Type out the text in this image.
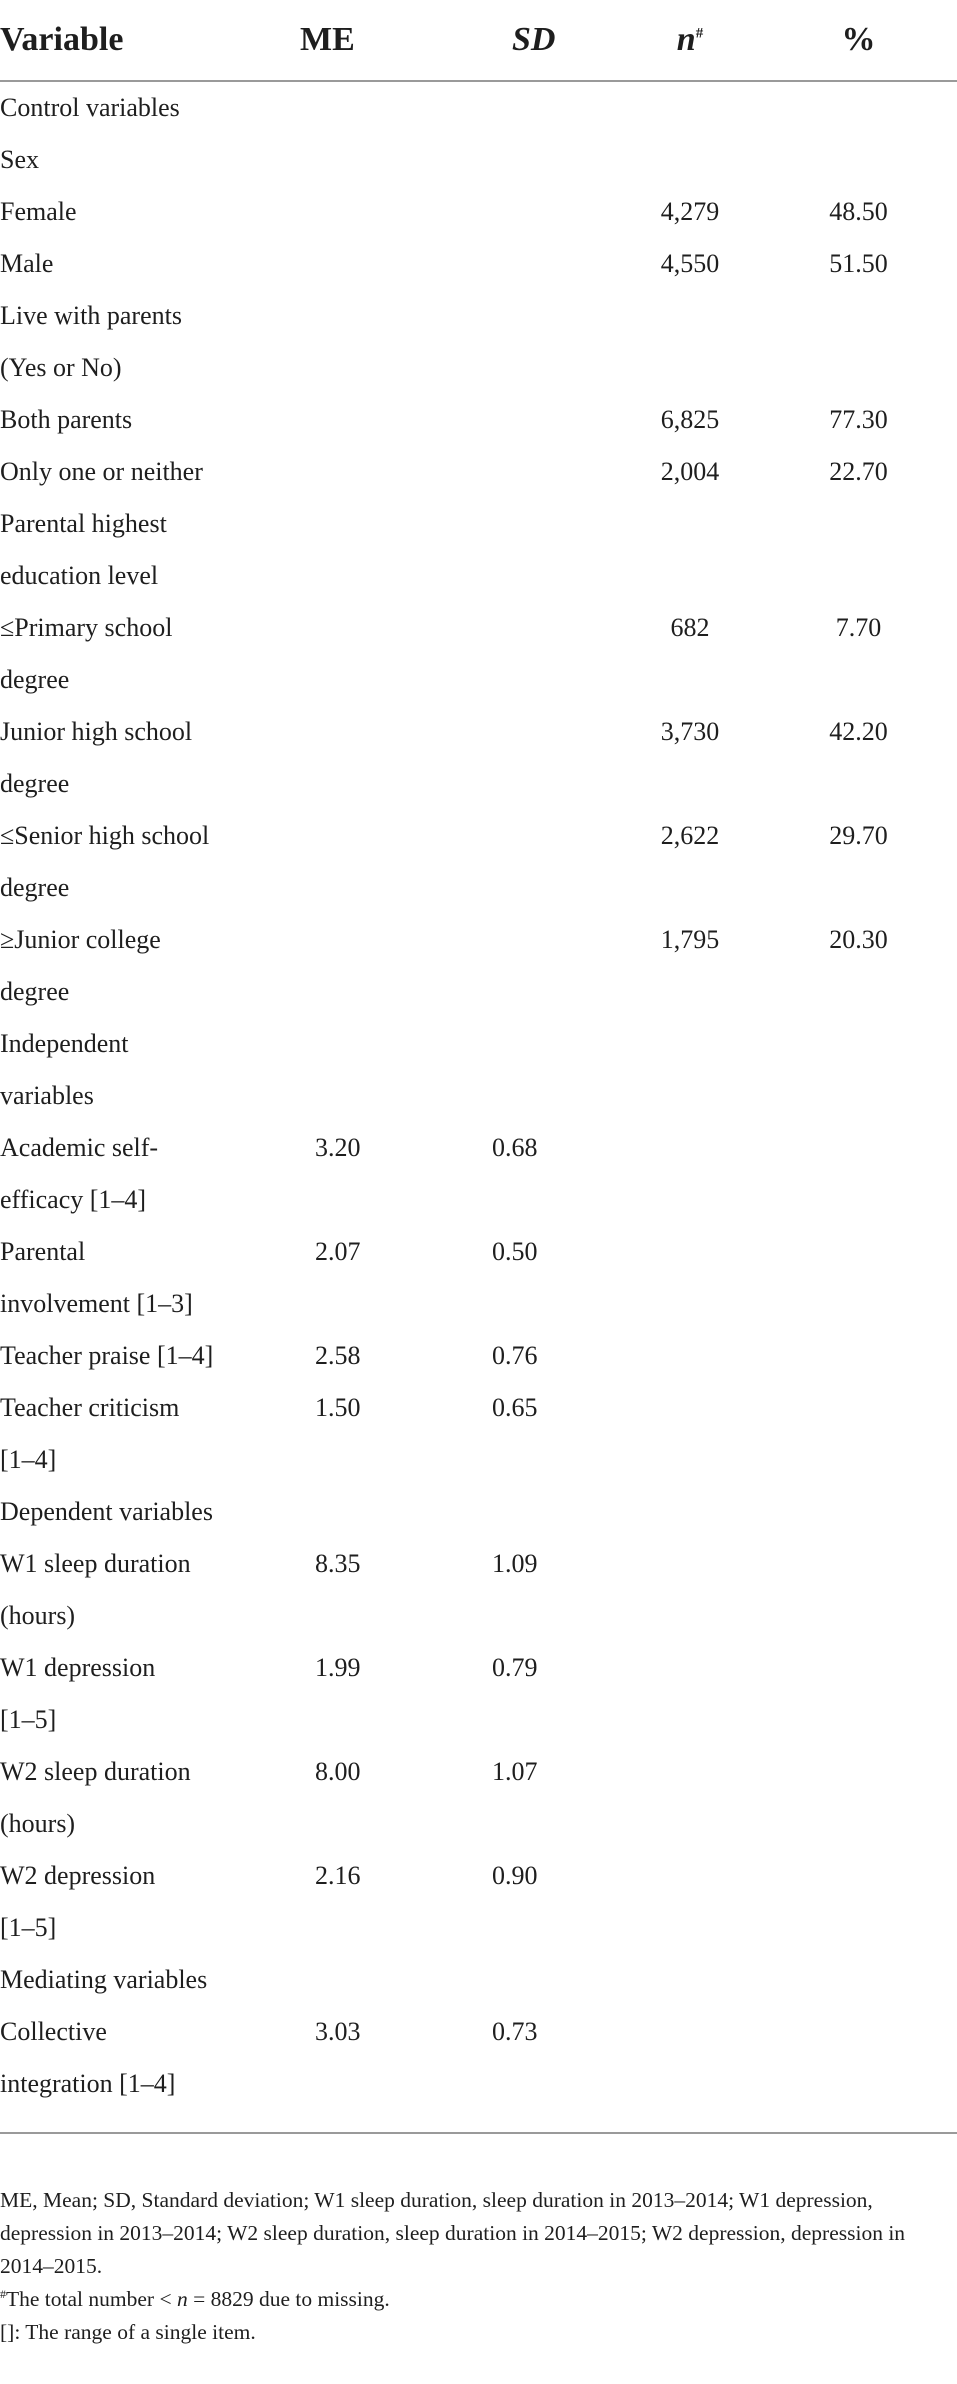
Variable	ME	SD	n#	%
Control variables				
Sex				
Female			4,279	48.50
Male			4,550	51.50
Live with parents				
(Yes or No)				
Both parents			6,825	77.30
Only one or neither			2,004	22.70
Parental highest				
education level				
≤Primary school			682	7.70
degree				
Junior high school			3,730	42.20
degree				
≤Senior high school			2,622	29.70
degree				
≥Junior college			1,795	20.30
degree				
Independent				
variables				
Academic self-	3.20	0.68		
efficacy [1–4]				
Parental	2.07	0.50		
involvement [1–3]				
Teacher praise [1–4]	2.58	0.76		
Teacher criticism	1.50	0.65		
[1–4]				
Dependent variables				
W1 sleep duration	8.35	1.09		
(hours)				
W1 depression	1.99	0.79		
[1–5]				
W2 sleep duration	8.00	1.07		
(hours)				
W2 depression	2.16	0.90		
[1–5]				
Mediating variables				
Collective	3.03	0.73		
integration [1–4]				

ME, Mean; SD, Standard deviation; W1 sleep duration, sleep duration in 2013–2014; W1 depression, depression in 2013–2014; W2 sleep duration, sleep duration in 2014–2015; W2 depression, depression in 2014–2015.

#The total number < n = 8829 due to missing.

[]: The range of a single item.
